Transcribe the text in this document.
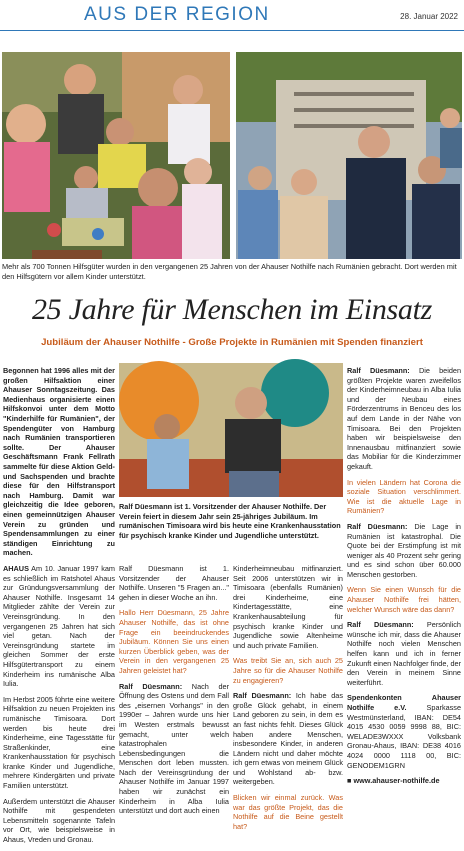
AUS DER REGION	28. Januar 2022
Mehr als 700 Tonnen Hilfsgüter wurden in den vergangenen 25 Jahren von der Ahauser Nothilfe nach Rumänien gebracht. Dort werden mit den Hilfsgütern vor allem Kinder unterstützt.
25 Jahre für Menschen im Einsatz
Jubiläum der Ahauser Nothilfe - Große Projekte in Rumänien mit Spenden finanziert

Begonnen hat 1996 alles mit der großen Hilfsaktion einer Ahauser Sonntagszeitung. Das Medienhaus organisierte einen Hilfskonvoi unter dem Motto "Kinderhilfe für Rumänien", der Spendengüter von Hamburg nach Rumänien transportieren sollte. Der Ahauser Geschäftsmann Frank Fellrath sammelte für diese Aktion Geld- und Sachspenden und brachte diese für den Hilfstransport nach Hamburg. Damit war gleichzeitig die Idee geboren, einen gemeinnützigen Ahauser Verein zu gründen und Spendensammlungen zu einer ständigen Einrichtung zu machen.

Ralf Düesmann ist 1. Vorsitzender der Ahauser Nothilfe. Der Verein feiert in diesem Jahr sein 25-jähriges Jubiläum. Im rumänischen Timisoara wird bis heute eine Krankenhausstation für psychisch kranke Kinder und Jugendliche unterstützt.

AHAUS Am 10. Januar 1997 kam es schließlich im Ratshotel Ahaus zur Gründungsversammlung der Ahauser Nothilfe. Insgesamt 14 Mitglieder zählte der Verein zur Vereinsgründung. In den vergangenen 25 Jahren hat sich viel getan. Nach der Vereinsgründung startete im gleichen Sommer der erste Hilfsgütertransport zu einem Kinderheim ins rumänische Alba Iulia.

Im Herbst 2005 führte eine weitere Hilfsaktion zu neuen Projekten ins rumänische Timisoara. Dort werden bis heute drei Kinderheime, eine Tagesstätte für Straßenkinder, eine Krankenhausstation für psychisch kranke Kinder und Jugendliche, mehrere Kindergärten und private Familien unterstützt.

Außerdem unterstützt die Ahauser Nothilfe mit gespendeten Lebensmitteln sogenannte Tafeln vor Ort, wie beispielsweise in Ahaus, Vreden und Gronau.

Ralf Düesmann ist 1. Vorsitzender der Ahauser Nothilfe. Unseren "5 Fragen an..." gehen in dieser Woche an ihn.

Hallo Herr Düesmann, 25 Jahre Ahauser Nothilfe, das ist ohne Frage ein beeindruckendes Jubiläum. Können Sie uns einen kurzen Überblick geben, was der Verein in den vergangenen 25 Jahren geleistet hat?

Ralf Düesmann: Nach der Öffnung des Ostens und dem Fall des „eisernen Vorhangs" in den 1990er – Jahren wurde uns hier im Westen erstmals bewusst gemacht, unter welch katastrophalen Lebensbedingungen die Menschen dort leben mussten. Nach der Vereinsgründung der Ahauser Nothilfe im Januar 1997 haben wir zunächst ein Kinderheim in Alba Iulia unterstützt und dort auch einen

Kinderheimneubau mitfinanziert. Seit 2006 unterstützen wir in Timisoara (ebenfalls Rumänien) drei Kinderheime, eine Kindertagesstätte, eine Krankenhausabteilung für psychisch kranke Kinder und Jugendliche sowie Altenheime und auch private Familien.

Was treibt Sie an, sich auch 25 Jahre so für die Ahauser Nothilfe zu engagieren?

Ralf Düesmann: Ich habe das große Glück gehabt, in einem Land geboren zu sein, in dem es an fast nichts fehlt. Dieses Glück haben andere Menschen, insbesondere Kinder, in anderen Ländern nicht und daher möchte ich gern etwas von meinem Glück und Wohlstand ab- bzw. weitergeben.

Blicken wir einmal zurück. Was war das größte Projekt, das die Nothilfe auf die Beine gestellt hat?

Ralf Düesmann: Die beiden größten Projekte waren zweifellos der Kinderheimneubau in Alba Iulia und der Neubau eines Förderzentrums in Benceu des los auf dem Lande in der Nähe von Timisoara. Bei den Projekten haben wir beispielsweise den Innenausbau mitfinanziert sowie das Mobiliar für die Kinderzimmer gekauft.

In vielen Ländern hat Corona die soziale Situation verschlimmert. Wie ist die aktuelle Lage in Rumänien?

Ralf Düesmann: Die Lage in Rumänien ist katastrophal. Die Quote bei der Erstimpfung ist mit weniger als 40 Prozent sehr gering und es sind schon über 60.000 Menschen gestorben.

Wenn Sie einen Wunsch für die Ahauser Nothilfe frei hätten, welcher Wunsch wäre das dann?

Ralf Düesmann: Persönlich wünsche ich mir, dass die Ahauser Nothilfe noch vielen Menschen helfen kann und ich in ferner Zukunft einen Nachfolger finde, der den Verein in meinem Sinne weiterführt.

Spendenkonten Ahauser Nothilfe e.V.	Sparkasse Westmünsterland, IBAN: DE54 4015 4530 0059 9998 88, BIC: WELADE3WXXX Volksbank Gronau-Ahaus, IBAN: DE38 4016 4024 0000 1118 00, BIC: GENODEM1GRN

■ www.ahauser-nothilfe.de
